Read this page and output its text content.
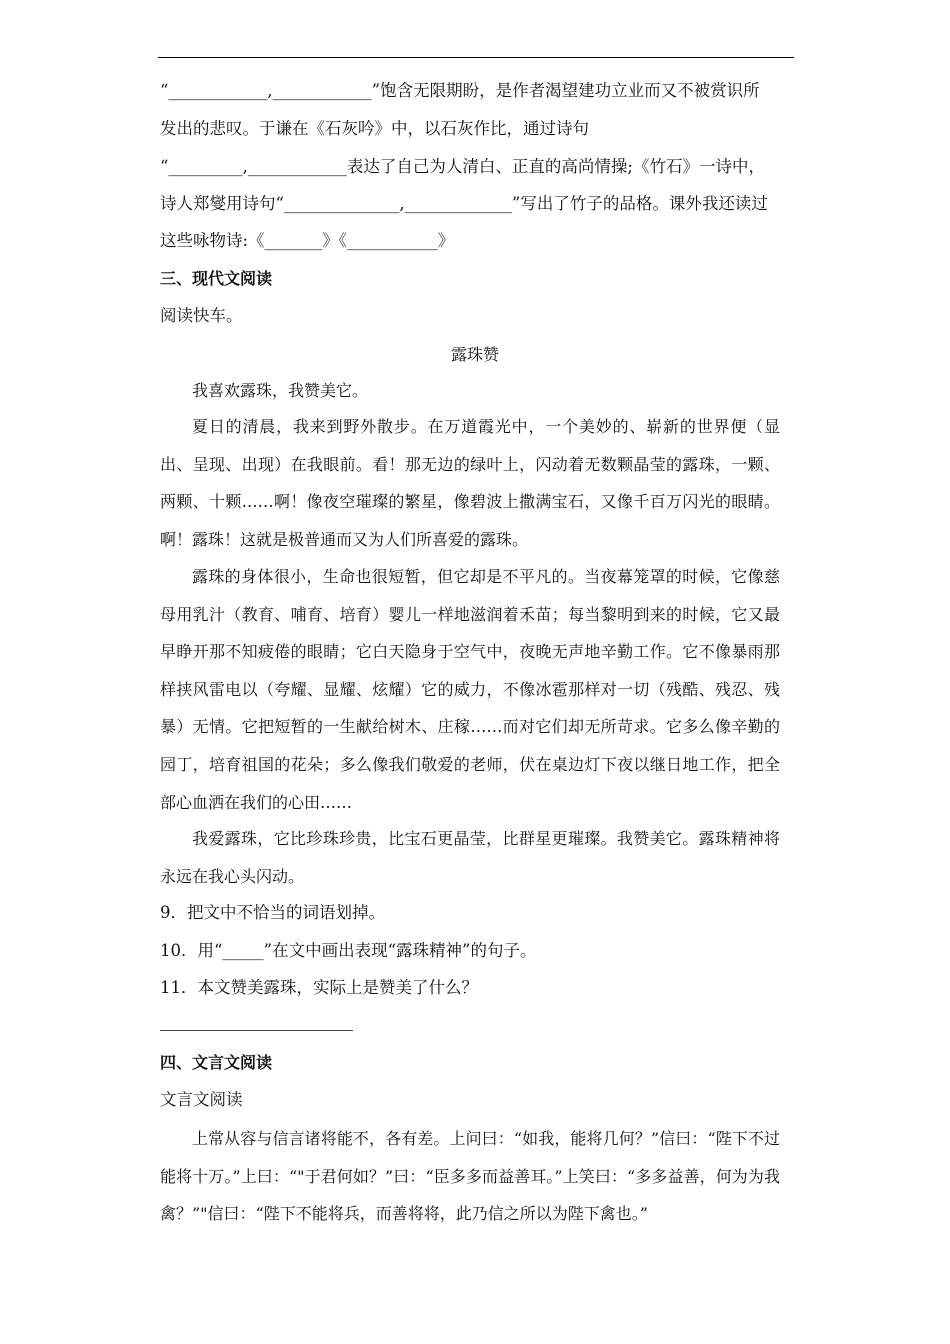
“____________,____________”饱含无限期盼，是作者渴望建功立业而又不被赏识所
发出的悲叹。于谦在《石灰吟》中，以石灰作比，通过诗句
“_________,____________表达了自己为人清白、正直的高尚情操;《竹石》一诗中，
诗人郑燮用诗句“______________,_____________”写出了竹子的品格。课外我还读过
这些咏物诗:《_______》《___________》
三、现代文阅读
阅读快车。
露珠赞
我喜欢露珠，我赞美它。
夏日的清晨，我来到野外散步。在万道霞光中，一个美妙的、崭新的世界便（显出、呈现、出现）在我眼前。看！那无边的绿叶上，闪动着无数颗晶莹的露珠，一颗、两颗、十颗……啊！像夜空璀璨的繁星，像碧波上撒满宝石，又像千百万闪光的眼睛。啊！露珠！这就是极普通而又为人们所喜爱的露珠。
露珠的身体很小，生命也很短暂，但它却是不平凡的。当夜幕笼罩的时候，它像慈母用乳汁（教育、哺育、培育）婴儿一样地滋润着禾苗；每当黎明到来的时候，它又最早睁开那不知疲倦的眼睛；它白天隐身于空气中，夜晚无声地辛勤工作。它不像暴雨那样挟风雷电以（夸耀、显耀、炫耀）它的威力，不像冰雹那样对一切（残酷、残忍、残暴）无情。它把短暂的一生献给树木、庄稼……而对它们却无所苛求。它多么像辛勤的园丁，培育祖国的花朵；多么像我们敬爱的老师，伏在桌边灯下夜以继日地工作，把全部心血洒在我们的心田……
我爱露珠，它比珍珠珍贵，比宝石更晶莹，比群星更璀璨。我赞美它。露珠精神将永远在我心头闪动。
9．把文中不恰当的词语划掉。
10．用“_____”在文中画出表现“露珠精神”的句子。
11．本文赞美露珠，实际上是赞美了什么？
四、文言文阅读
文言文阅读
上常从容与信言诸将能不，各有差。上问曰：“如我，能将几何？”信曰：“陛下不过能将十万。”上曰：“"于君何如？”曰：“臣多多而益善耳。”上笑曰：“多多益善，何为为我禽？”"信曰：“陛下不能将兵，而善将将，此乃信之所以为陛下禽也。”
